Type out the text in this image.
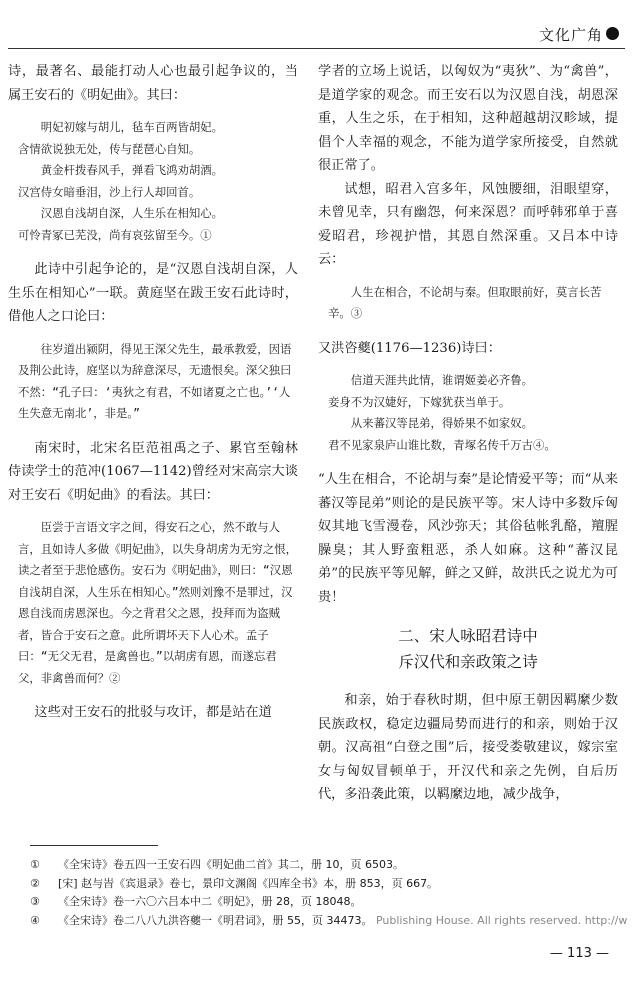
文化广角

诗，最著名、最能打动人心也最引起争议的，当属王安石的《明妃曲》。其曰：

明妃初嫁与胡儿，毡车百两皆胡妃。
含情欲说独无处，传与琵琶心自知。
黄金杆拨春风手，弹看飞鸿劝胡酒。
汉宫侍女暗垂泪，沙上行人却回首。
汉恩自浅胡自深，人生乐在相知心。
可怜青冢已芜没，尚有哀弦留至今。①

此诗中引起争论的，是“汉恩自浅胡自深，人生乐在相知心”一联。黄庭坚在跋王安石此诗时，借他人之口论曰：

往岁道出颍阴，得见王深父先生，最承教爱，因语及荆公此诗，庭坚以为辞意深尽，无遗恨矣。深父独曰不然：“孔子曰：‘夷狄之有君，不如诸夏之亡也。’‘人生失意无南北’，非是。”

南宋时，北宋名臣范祖禹之子、累官至翰林侍读学士的范冲(1067—1142)曾经对宋高宗大谈对王安石《明妃曲》的看法。其曰：

臣尝于言语文字之间，得安石之心，然不敢与人言，且如诗人多做《明妃曲》，以失身胡虏为无穷之恨，读之者至于悲怆感伤。安石为《明妃曲》，则曰：“汉恩自浅胡自深，人生乐在相知心。”然则刘豫不是罪过，汉恩自浅而虏恩深也。今之背君父之恩，投拜而为盗贼者，皆合于安石之意。此所谓坏天下人心术。孟子曰：“无父无君，是禽兽也。”以胡虏有恩，而遂忘君父，非禽兽而何？②

这些对王安石的批驳与攻讦，都是站在道

学者的立场上说话，以匈奴为“夷狄”、为“禽兽”，是道学家的观念。而王安石以为汉恩自浅，胡恩深重，人生之乐，在于相知，这种超越胡汉畛域，提倡个人幸福的观念，不能为道学家所接受，自然就很正常了。

试想，昭君入宫多年，风蚀腰细，泪眼望穿，未曾见幸，只有幽怨，何来深恩？而呼韩邪单于喜爱昭君，珍视护惜，其恩自然深重。又吕本中诗云：

人生在相合，不论胡与秦。但取眼前好，莫言长苦辛。③

又洪咨夔(1176—1236)诗曰：

信道天涯共此情，谁谓姬姜必齐鲁。
妾身不为汉婕好，下嫁犹获当单于。
从来蕃汉等昆弟，得娇果不如家奴。
君不见家泉庐山谁比数，青塚名传千万古④。

“人生在相合，不论胡与秦”是论情爱平等；而“从来蕃汉等昆弟”则论的是民族平等。宋人诗中多数斥匈奴其地飞雪漫卷，风沙弥天；其俗毡帐乳酪，羶腥臊臭；其人野蛮粗恶，杀人如麻。这种“蕃汉昆弟”的民族平等见解，鲜之又鲜，故洪氏之说尤为可贵！

二、宋人咏昭君诗中
斥汉代和亲政策之诗

和亲，始于春秋时期，但中原王朝因羁縻少数民族政权，稳定边疆局势而进行的和亲，则始于汉朝。汉高祖“白登之围”后，接受娄敬建议，嫁宗室女与匈奴冒顿单于，开汉代和亲之先例，自后历代，多沿袭此策，以羁縻边地，减少战争，

① 《全宋诗》卷五四一王安石四《明妃曲二首》其二，册 10，页 6503。
② [宋] 赵与旹《宾退录》卷七，景印文渊阁《四库全书》本，册 853，页 667。
③ 《全宋诗》卷一六〇六吕本中二《明妃》，册 28，页 18048。
④ 《全宋诗》卷二八八九洪咨夔一《明君词》，册 55，页 34473。 Publishing House. All rights reserved. http://w
— 113 —
